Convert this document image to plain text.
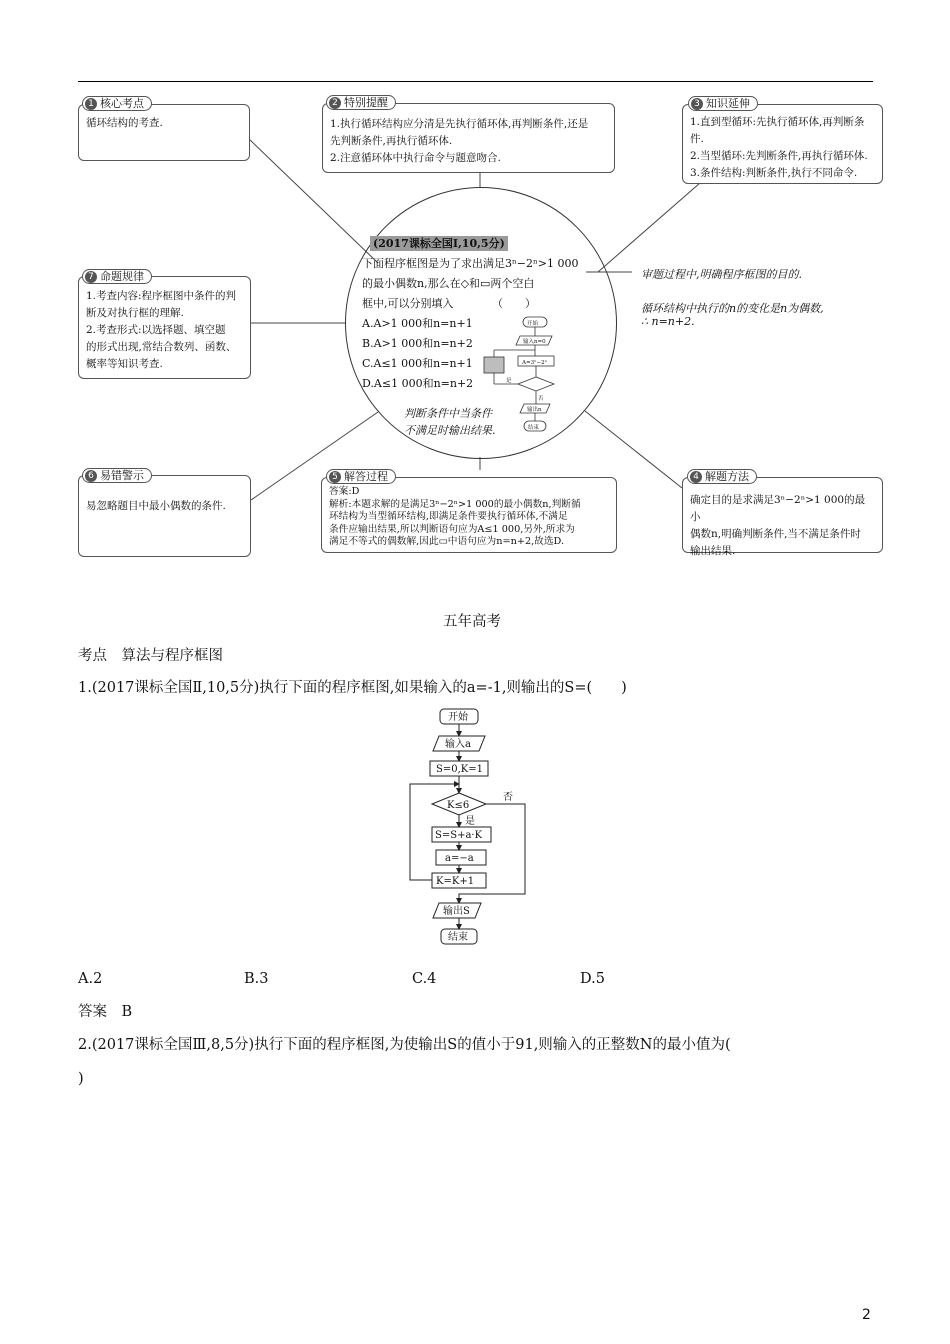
循环结构的考查.

1 核心考点

1.执行循环结构应分清是先执行循环体,再判断条件,还是

先判断条件,再执行循环体.

2.注意循环体中执行命令与题意吻合.

2 特别提醒

1.直到型循环:先执行循环体,再判断条

件.

2.当型循环:先判断条件,再执行循环体.

3.条件结构:判断条件,执行不同命令.

3 知识延伸

1.考查内容:程序框图中条件的判

断及对执行框的理解.

2.考查形式:以选择题、填空题

的形式出现,常结合数列、函数、

概率等知识考查.

7 命题规律

易忽略题目中最小偶数的条件.

6 易错警示

答案:D

解析:本题求解的是满足3ⁿ−2ⁿ>1 000的最小偶数n,判断循

环结构为当型循环结构,即满足条件要执行循环体,不满足

条件应输出结果,所以判断语句应为A≤1 000,另外,所求为

满足不等式的偶数解,因此▭中语句应为n=n+2,故选D.

5 解答过程

确定目的是求满足3ⁿ−2ⁿ>1 000的最小

偶数n,明确判断条件,当不满足条件时

输出结果.

4 解题方法
(2017课标全国Ⅰ,10,5分)
下面程序框图是为了求出满足3ⁿ−2ⁿ>1 000
的最小偶数n,那么在◇和▭两个空白
框中,可以分别填入　　　　（　　）
A.A>1 000和n=n+1
B.A>1 000和n=n+2
C.A≤1 000和n=n+1
D.A≤1 000和n=n+2
开始
输入n=0
A=3ⁿ−2ⁿ
是
否
输出n
结束
审题过程中,明确程序框图的目的.
循环结构中执行的n的变化是n为偶数,
∴ n=n+2.
判断条件中当条件
不满足时输出结果.
五年高考
考点　算法与程序框图
1.(2017课标全国Ⅱ,10,5分)执行下面的程序框图,如果输入的a=-1,则输出的S=(　　)
开始
输入a
S=0,K=1
K≤6
是
否
S=S+a·K
a=−a
K=K+1
输出S
结束
A.2	B.3	C.4	D.5
答案　B
2.(2017课标全国Ⅲ,8,5分)执行下面的程序框图,为使输出S的值小于91,则输入的正整数N的最小值为(
)
2
